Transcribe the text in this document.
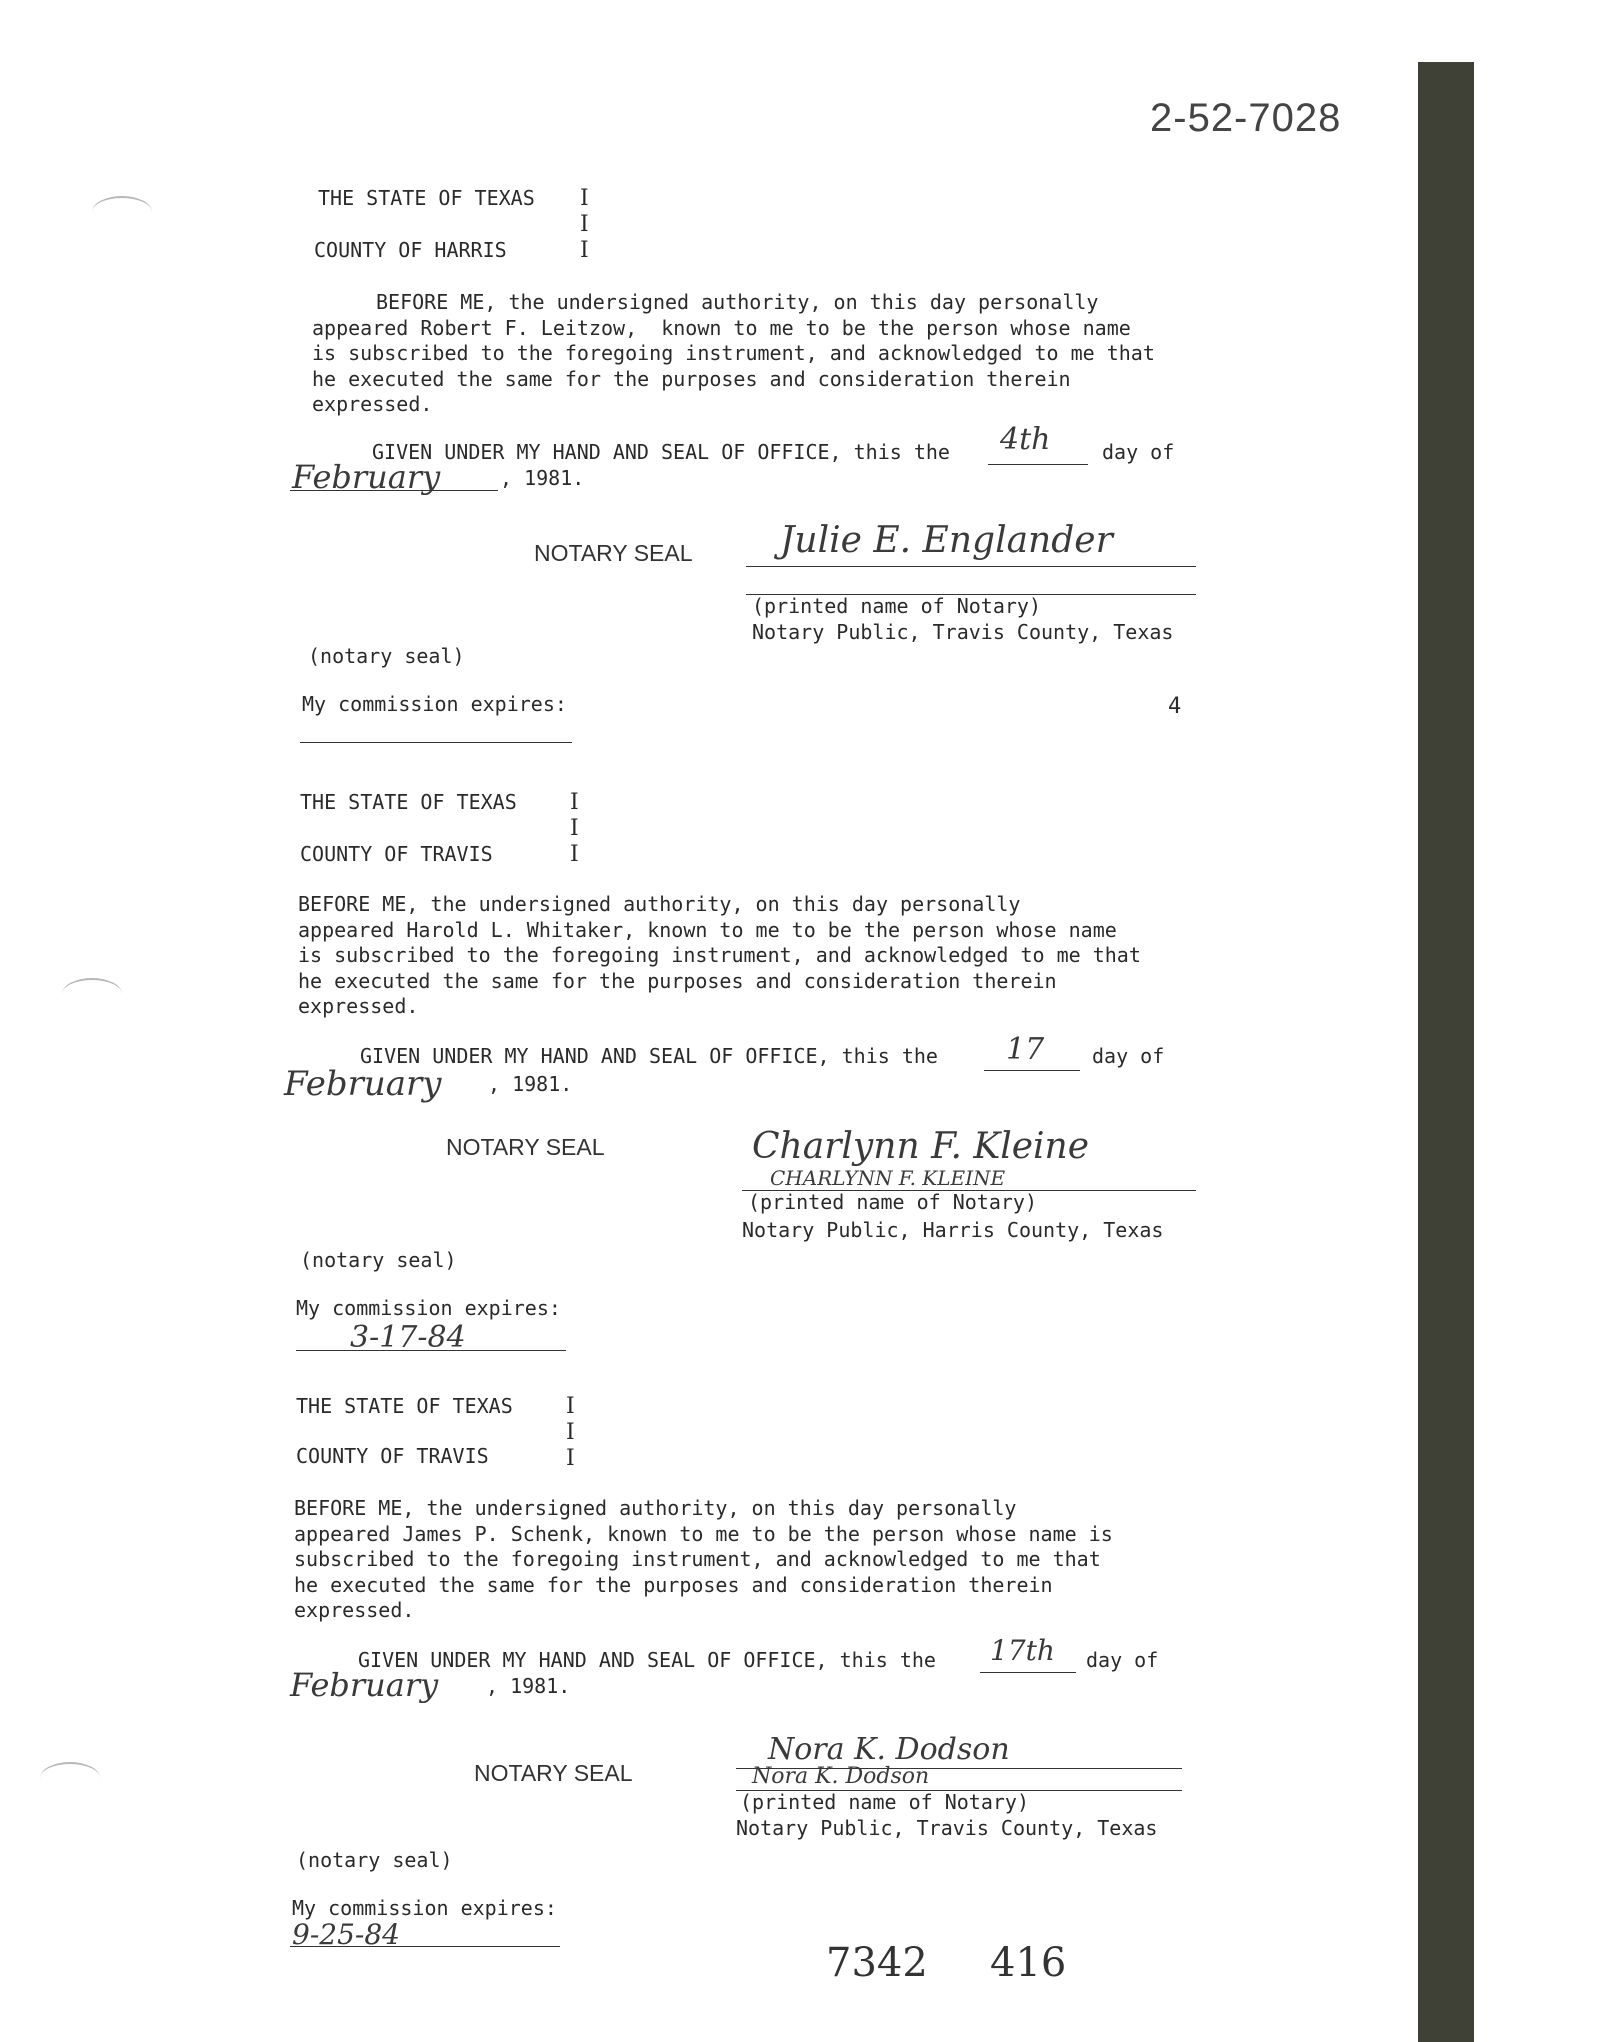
2-52-7028
4
THE STATE OF TEXAS I
I
I
COUNTY OF HARRIS
BEFORE ME, the undersigned authority, on this day personally
appeared Robert F. Leitzow,  known to me to be the person whose name
is subscribed to the foregoing instrument, and acknowledged to me that
he executed the same for the purposes and consideration therein
expressed.
GIVEN UNDER MY HAND AND SEAL OF OFFICE, this the 4th	day of
February	, 1981.
NOTARY SEAL Julie E. Englander
(printed name of Notary)
Notary Public, Travis County, Texas
(notary seal)
My commission expires:
THE STATE OF TEXAS I
I
I
COUNTY OF TRAVIS
BEFORE ME, the undersigned authority, on this day personally
appeared Harold L. Whitaker, known to me to be the person whose name
is subscribed to the foregoing instrument, and acknowledged to me that
he executed the same for the purposes and consideration therein
expressed.
GIVEN UNDER MY HAND AND SEAL OF OFFICE, this the 17 day of
February , 1981.
NOTARY SEAL	Charlynn F. Kleine
CHARLYNN F. KLEINE
(printed name of Notary)
Notary Public, Harris County, Texas
(notary seal)
My commission expires:
3-17-84
THE STATE OF TEXAS I
I
I
COUNTY OF TRAVIS
BEFORE ME, the undersigned authority, on this day personally
appeared James P. Schenk, known to me to be the person whose name is
subscribed to the foregoing instrument, and acknowledged to me that
he executed the same for the purposes and consideration therein
expressed.
GIVEN UNDER MY HAND AND SEAL OF OFFICE, this the 17th day of
February , 1981.
NOTARY SEAL
Nora K. Dodson
Nora K. Dodson
(printed name of Notary)
Notary Public, Travis County, Texas
(notary seal)
My commission expires:
9-25-84
7342 416
